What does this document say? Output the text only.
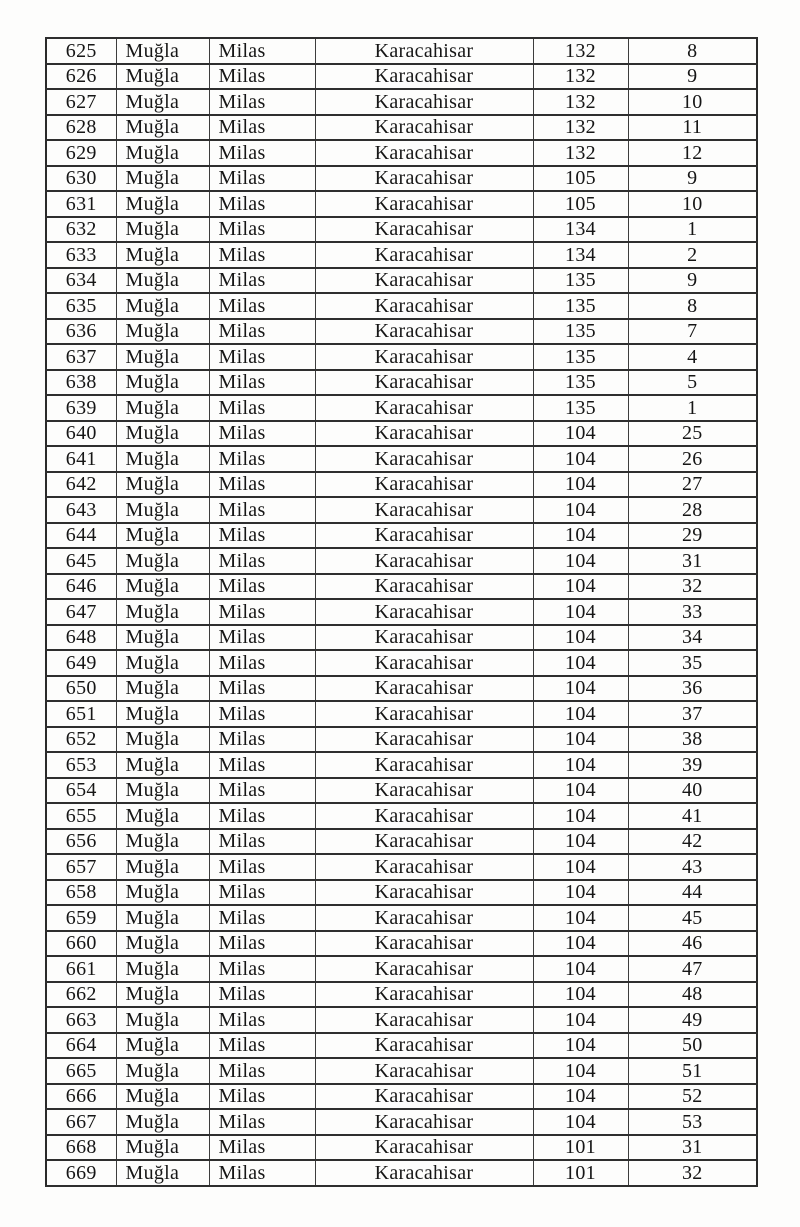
625	Muğla	Milas	Karacahisar	132	8
626	Muğla	Milas	Karacahisar	132	9
627	Muğla	Milas	Karacahisar	132	10
628	Muğla	Milas	Karacahisar	132	11
629	Muğla	Milas	Karacahisar	132	12
630	Muğla	Milas	Karacahisar	105	9
631	Muğla	Milas	Karacahisar	105	10
632	Muğla	Milas	Karacahisar	134	1
633	Muğla	Milas	Karacahisar	134	2
634	Muğla	Milas	Karacahisar	135	9
635	Muğla	Milas	Karacahisar	135	8
636	Muğla	Milas	Karacahisar	135	7
637	Muğla	Milas	Karacahisar	135	4
638	Muğla	Milas	Karacahisar	135	5
639	Muğla	Milas	Karacahisar	135	1
640	Muğla	Milas	Karacahisar	104	25
641	Muğla	Milas	Karacahisar	104	26
642	Muğla	Milas	Karacahisar	104	27
643	Muğla	Milas	Karacahisar	104	28
644	Muğla	Milas	Karacahisar	104	29
645	Muğla	Milas	Karacahisar	104	31
646	Muğla	Milas	Karacahisar	104	32
647	Muğla	Milas	Karacahisar	104	33
648	Muğla	Milas	Karacahisar	104	34
649	Muğla	Milas	Karacahisar	104	35
650	Muğla	Milas	Karacahisar	104	36
651	Muğla	Milas	Karacahisar	104	37
652	Muğla	Milas	Karacahisar	104	38
653	Muğla	Milas	Karacahisar	104	39
654	Muğla	Milas	Karacahisar	104	40
655	Muğla	Milas	Karacahisar	104	41
656	Muğla	Milas	Karacahisar	104	42
657	Muğla	Milas	Karacahisar	104	43
658	Muğla	Milas	Karacahisar	104	44
659	Muğla	Milas	Karacahisar	104	45
660	Muğla	Milas	Karacahisar	104	46
661	Muğla	Milas	Karacahisar	104	47
662	Muğla	Milas	Karacahisar	104	48
663	Muğla	Milas	Karacahisar	104	49
664	Muğla	Milas	Karacahisar	104	50
665	Muğla	Milas	Karacahisar	104	51
666	Muğla	Milas	Karacahisar	104	52
667	Muğla	Milas	Karacahisar	104	53
668	Muğla	Milas	Karacahisar	101	31
669	Muğla	Milas	Karacahisar	101	32
